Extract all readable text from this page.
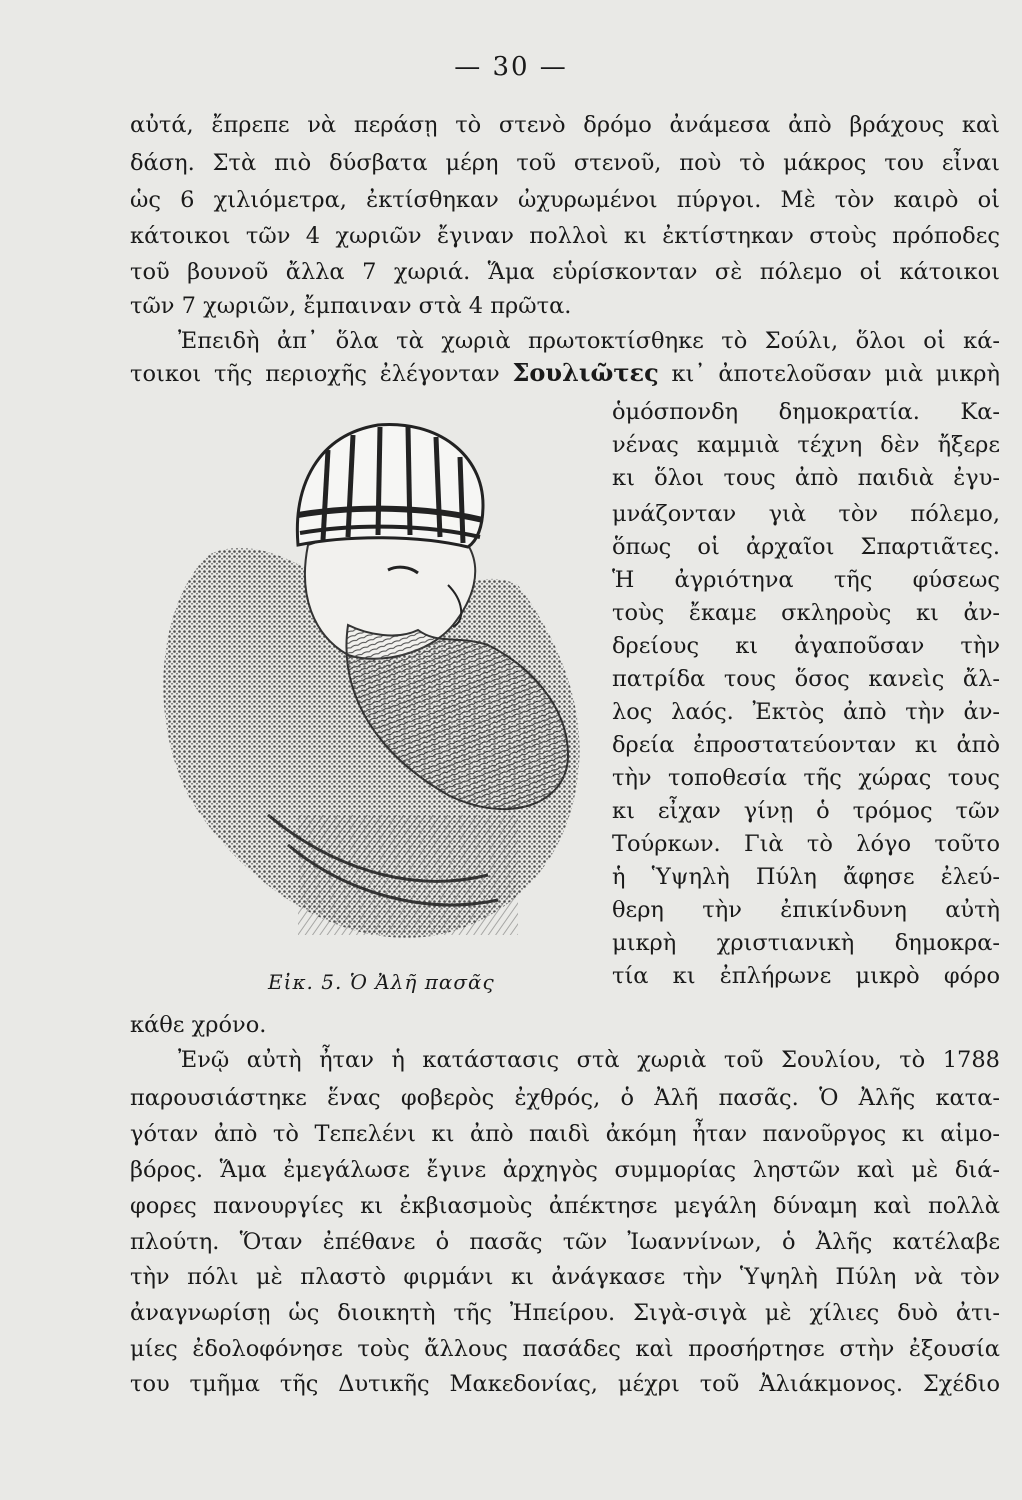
— 30 —
αὐτά, ἔπρεπε νὰ περάσῃ τὸ στενὸ δρόμο ἀνάμεσα ἀπὸ βράχους καὶ
δάση. Στὰ πιὸ δύσβατα μέρη τοῦ στενοῦ, ποὺ τὸ μάκρος του εἶναι
ὡς 6 χιλιόμετρα, ἐκτίσθηκαν ὠχυρωμένοι πύργοι. Μὲ τὸν καιρὸ οἱ
κάτοικοι τῶν 4 χωριῶν ἔγιναν πολλοὶ κι ἐκτίστηκαν στοὺς πρόποδες
τοῦ βουνοῦ ἄλλα 7 χωριά. Ἅμα εὑρίσκονταν σὲ πόλεμο οἱ κάτοικοι
τῶν 7 χωριῶν, ἔμπαιναν στὰ 4 πρῶτα.
Ἐπειδὴ ἀπ᾽ ὅλα τὰ χωριὰ πρωτοκτίσθηκε τὸ Σούλι, ὅλοι οἱ κά-
τοικοι τῆς περιοχῆς ἐλέγονταν Σουλιῶτες κι᾽ ἀποτελοῦσαν μιὰ μικρὴ
ὁμόσπονδη δημοκρατία. Κα-
νένας καμμιὰ τέχνη δὲν ἤξερε
κι ὅλοι τους ἀπὸ παιδιὰ ἐγυ-
μνάζονταν γιὰ τὸν πόλεμο,
ὅπως οἱ ἀρχαῖοι Σπαρτιᾶτες.
Ἡ ἀγριότηνα τῆς φύσεως
τοὺς ἔκαμε σκληροὺς κι ἀν-
δρείους κι ἀγαποῦσαν τὴν
πατρίδα τους ὅσος κανεὶς ἄλ-
λος λαός. Ἐκτὸς ἀπὸ τὴν ἀν-
δρεία ἐπροστατεύονταν κι ἀπὸ
τὴν τοποθεσία τῆς χώρας τους
κι εἶχαν γίνῃ ὁ τρόμος τῶν
Τούρκων. Γιὰ τὸ λόγο τοῦτο
ἡ Ὑψηλὴ Πύλη ἄφησε ἐλεύ-
θερη τὴν ἐπικίνδυνη αὐτὴ
μικρὴ χριστιανικὴ δημοκρα-
τία κι ἐπλήρωνε μικρὸ φόρο
κάθε χρόνο.
Εἰκ. 5. Ὁ Ἀλῆ πασᾶς
Ἐνῷ αὐτὴ ἦταν ἡ κατάστασις στὰ χωριὰ τοῦ Σουλίου, τὸ 1788
παρουσιάστηκε ἕνας φοβερὸς ἐχθρός, ὁ Ἀλῆ πασᾶς. Ὁ Ἀλῆς κατα-
γόταν ἀπὸ τὸ Τεπελένι κι ἀπὸ παιδὶ ἀκόμη ἦταν πανοῦργος κι αἱμο-
βόρος. Ἅμα ἐμεγάλωσε ἔγινε ἀρχηγὸς συμμορίας ληστῶν καὶ μὲ διά-
φορες πανουργίες κι ἐκβιασμοὺς ἀπέκτησε μεγάλη δύναμη καὶ πολλὰ
πλούτη. Ὅταν ἐπέθανε ὁ πασᾶς τῶν Ἰωαννίνων, ὁ Ἀλῆς κατέλαβε
τὴν πόλι μὲ πλαστὸ φιρμάνι κι ἀνάγκασε τὴν Ὑψηλὴ Πύλη νὰ τὸν
ἀναγνωρίσῃ ὡς διοικητὴ τῆς Ἠπείρου. Σιγὰ-σιγὰ μὲ χίλιες δυὸ ἀτι-
μίες ἐδολοφόνησε τοὺς ἄλλους πασάδες καὶ προσήρτησε στὴν ἐξουσία
του τμῆμα τῆς Δυτικῆς Μακεδονίας, μέχρι τοῦ Ἀλιάκμονος. Σχέδιο
